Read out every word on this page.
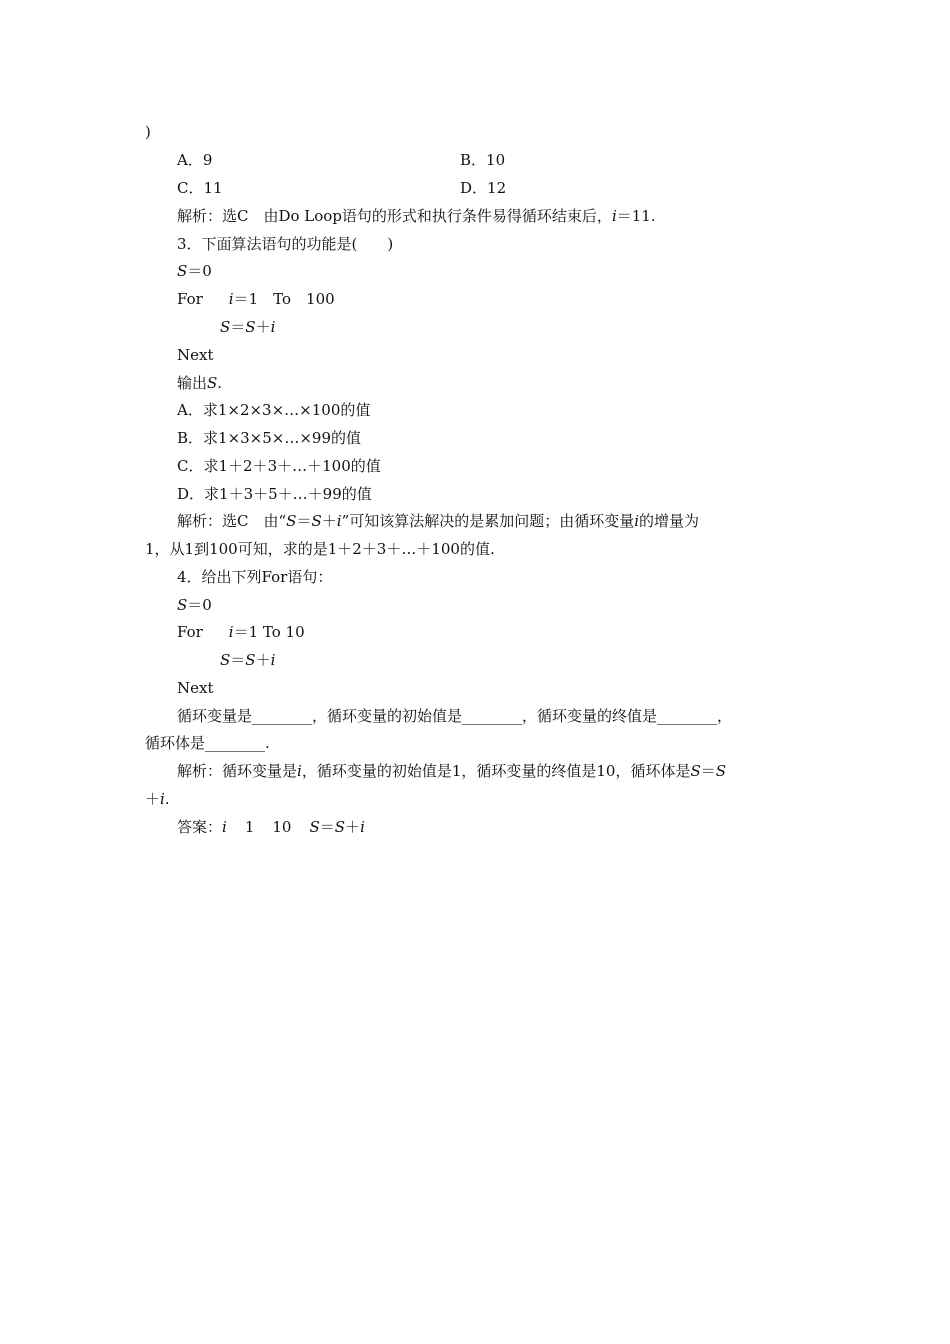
)
A．9	B．10
C．11	D．12
解析：选C　由Do Loop语句的形式和执行条件易得循环结束后，i＝11.
3．下面算法语句的功能是(　　)
S＝0
For i＝1　To　100
S＝S＋i
Next
输出S.
A．求1×2×3×…×100的值
B．求1×3×5×…×99的值
C．求1＋2＋3＋…＋100的值
D．求1＋3＋5＋…＋99的值
解析：选C　由“S＝S＋i”可知该算法解决的是累加问题；由循环变量i的增量为
1，从1到100可知，求的是1＋2＋3＋…＋100的值.
4．给出下列For语句：
S＝0
For i＝1 To 10
S＝S＋i
Next
循环变量是________，循环变量的初始值是________，循环变量的终值是________，
循环体是________.
解析：循环变量是i，循环变量的初始值是1，循环变量的终值是10，循环体是S＝S
＋i.
答案：i 1 10 S＝S＋i
